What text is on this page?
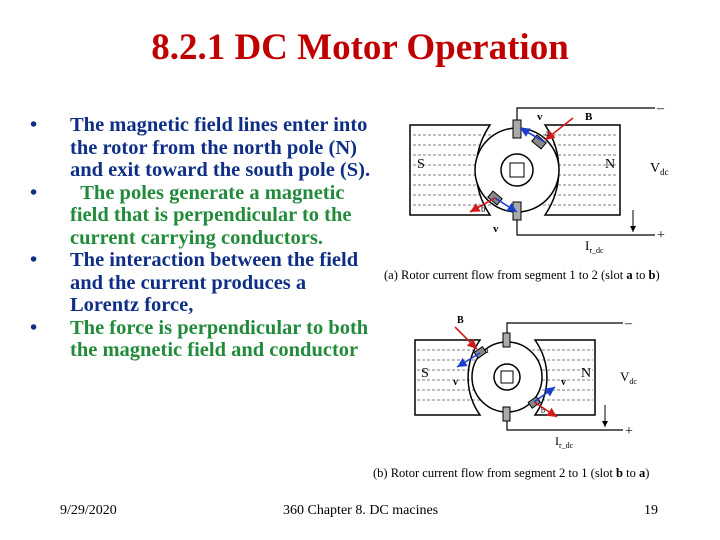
8.2.1 DC Motor Operation
• The magnetic field lines enter into the rotor from the north pole (N) and exit toward the south pole (S).
• The poles generate a magnetic field that is perpendicular to the current carrying conductors.
• The interaction between the field and the current produces a Lorentz force,
• The force is perpendicular to both the magnetic field and conductor
S	N
B
v
v
a
b
$V_{dc}$
$I_{r\_dc}$
–
+
(a) Rotor current flow from segment 1 to 2 (slot a to b)
S	N
B
v	v
a
b
$V_{dc}$
$I_{r\_dc}$
–
+
(b) Rotor current flow from segment 2 to 1 (slot b to a)
9/29/2020	360 Chapter 8. DC macines	19
